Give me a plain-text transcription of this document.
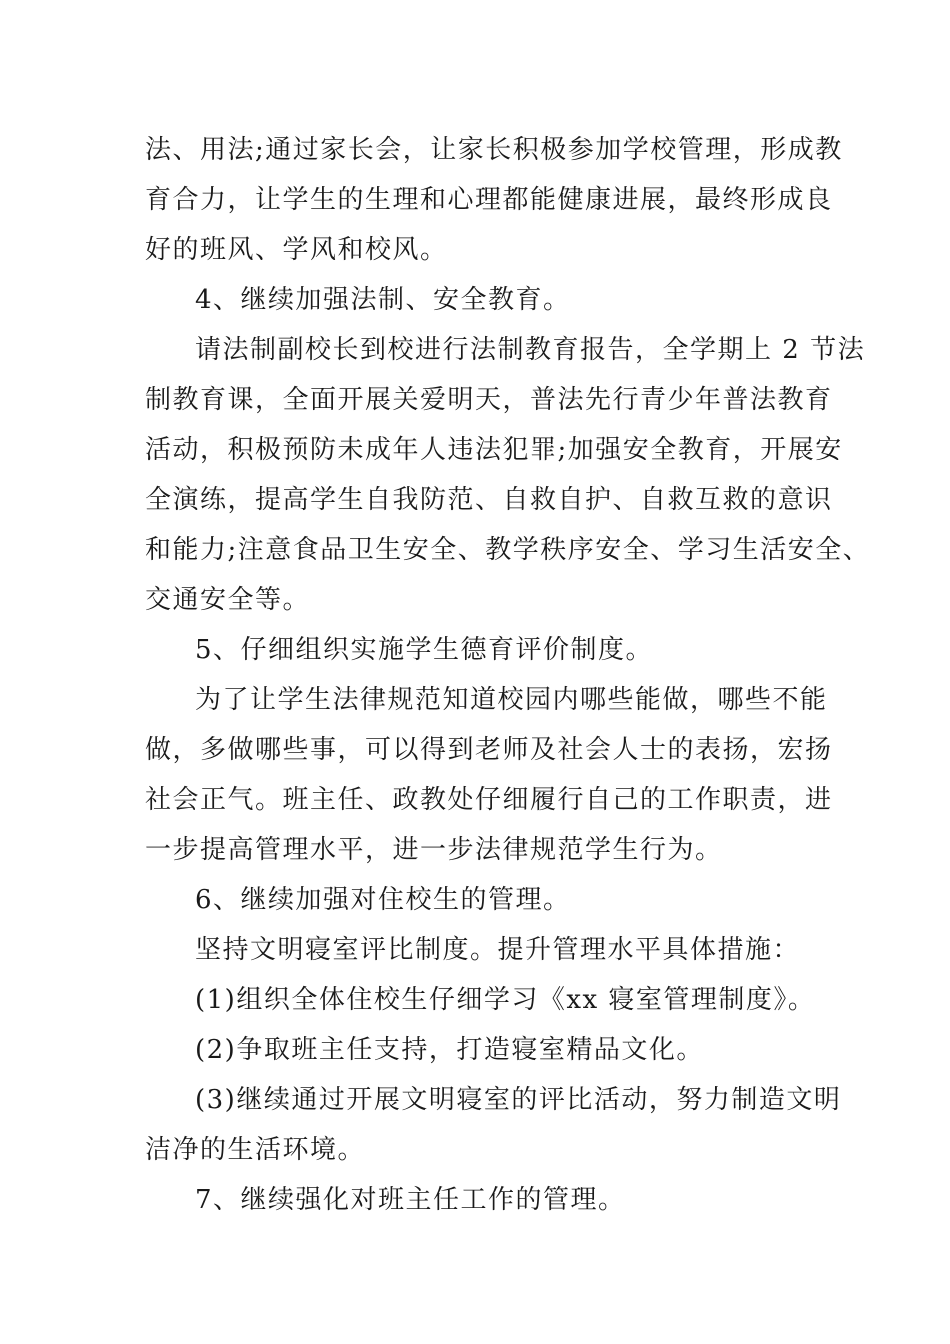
法、用法;通过家长会，让家长积极参加学校管理，形成教
育合力，让学生的生理和心理都能健康进展，最终形成良
好的班风、学风和校风。
4、继续加强法制、安全教育。
请法制副校长到校进行法制教育报告，全学期上 2 节法
制教育课，全面开展关爱明天，普法先行青少年普法教育
活动，积极预防未成年人违法犯罪;加强安全教育，开展安
全演练，提高学生自我防范、自救自护、自救互救的意识
和能力;注意食品卫生安全、教学秩序安全、学习生活安全、
交通安全等。
5、仔细组织实施学生德育评价制度。
为了让学生法律规范知道校园内哪些能做，哪些不能
做，多做哪些事，可以得到老师及社会人士的表扬，宏扬
社会正气。班主任、政教处仔细履行自己的工作职责，进
一步提高管理水平，进一步法律规范学生行为。
6、继续加强对住校生的管理。
坚持文明寝室评比制度。提升管理水平具体措施：
(1)组织全体住校生仔细学习《xx 寝室管理制度》。
(2)争取班主任支持，打造寝室精品文化。
(3)继续通过开展文明寝室的评比活动，努力制造文明
洁净的生活环境。
7、继续强化对班主任工作的管理。
